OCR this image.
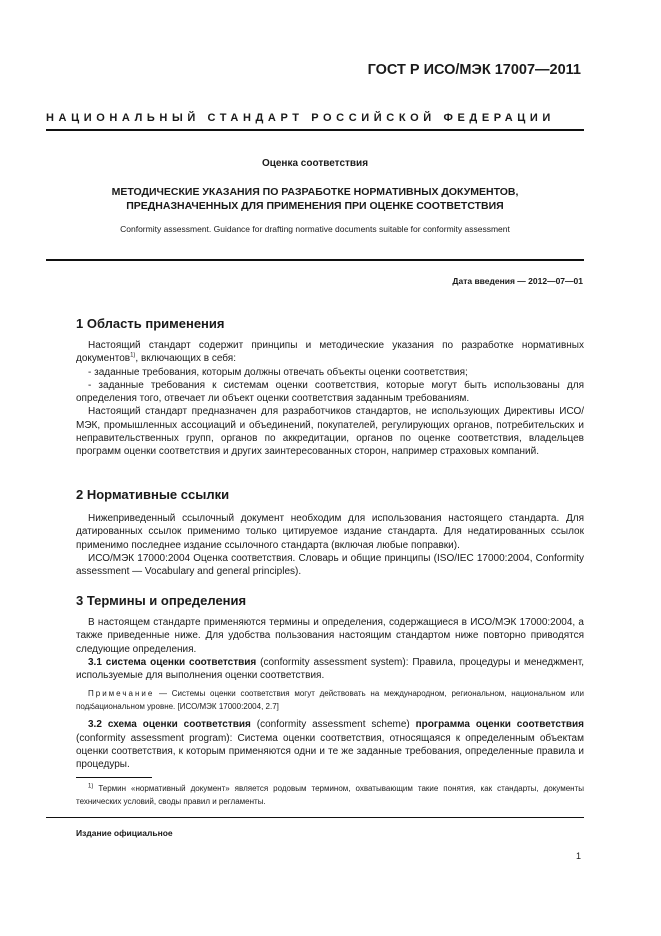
ГОСТ Р ИСО/МЭК 17007—2011
НАЦИОНАЛЬНЫЙ СТАНДАРТ РОССИЙСКОЙ ФЕДЕРАЦИИ
Оценка соответствия
МЕТОДИЧЕСКИЕ УКАЗАНИЯ ПО РАЗРАБОТКЕ НОРМАТИВНЫХ ДОКУМЕНТОВ,
ПРЕДНАЗНАЧЕННЫХ ДЛЯ ПРИМЕНЕНИЯ ПРИ ОЦЕНКЕ СООТВЕТСТВИЯ
Conformity assessment. Guidance for drafting normative documents suitable for conformity assessment
Дата введения — 2012—07—01
1 Область применения
Настоящий стандарт содержит принципы и методические указания по разработке нормативных документов$^{1)}$, включающих в себя:
- заданные требования, которым должны отвечать объекты оценки соответствия;
- заданные требования к системам оценки соответствия, которые могут быть использованы для определения того, отвечает ли объект оценки соответствия заданным требованиям.
Настоящий стандарт предназначен для разработчиков стандартов, не использующих Директивы ИСО/МЭК, промышленных ассоциаций и объединений, покупателей, регулирующих органов, потребительских и неправительственных групп, органов по аккредитации, органов по оценке соответствия, владельцев программ оценки соответствия и других заинтересованных сторон, например страховых компаний.
2 Нормативные ссылки
Нижеприведенный ссылочный документ необходим для использования настоящего стандарта. Для датированных ссылок применимо только цитируемое издание стандарта. Для недатированных ссылок применимо последнее издание ссылочного стандарта (включая любые поправки).
ИСО/МЭК 17000:2004 Оценка соответствия. Словарь и общие принципы (ISO/IEC 17000:2004, Conformity assessment — Vocabulary and general principles).
3 Термины и определения
В настоящем стандарте применяются термины и определения, содержащиеся в ИСО/МЭК 17000:2004, а также приведенные ниже. Для удобства пользования настоящим стандартом ниже повторно приводятся следующие определения.
3.1 система оценки соответствия (conformity assessment system): Правила, процедуры и менеджмент, используемые для выполнения оценки соответствия.
Примечание — Системы оценки соответствия могут действовать на международном, региональном, национальном или подనациональном уровне. [ИСО/МЭК 17000:2004, 2.7]
3.2 схема оценки соответствия (conformity assessment scheme) программа оценки соответствия (conformity assessment program): Система оценки соответствия, относящаяся к определенным объектам оценки соответствия, к которым применяются одни и те же заданные требования, определенные правила и процедуры.
$^{1)}$ Термин «нормативный документ» является родовым термином, охватывающим такие понятия, как стандарты, документы технических условий, своды правил и регламенты.
Издание официальное
1
